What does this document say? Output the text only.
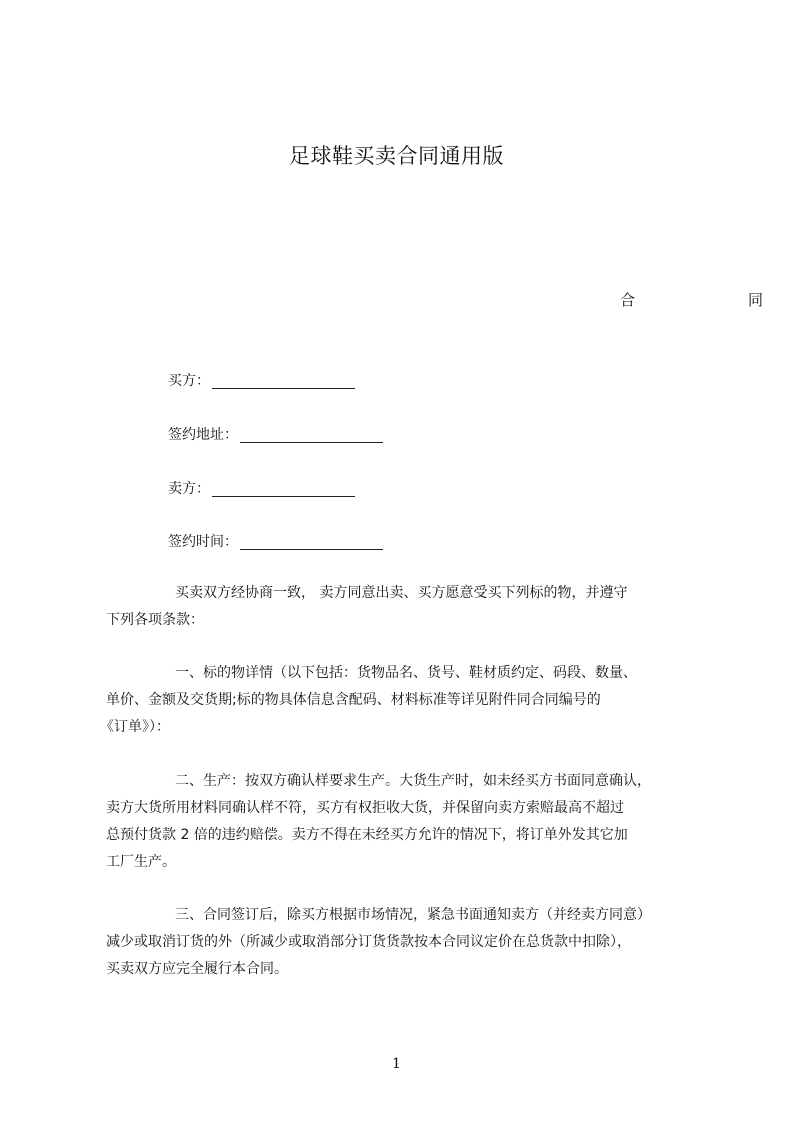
足球鞋买卖合同通用版
合	同
买方：
签约地址：
卖方：
签约时间：
买卖双方经协商一致， 卖方同意出卖、买方愿意受买下列标的物，并遵守
下列各项条款：
一、标的物详情（以下包括：货物品名、货号、鞋材质约定、码段、数量、
单价、金额及交货期;标的物具体信息含配码、材料标准等详见附件同合同编号的
《订单》）：
二、生产：按双方确认样要求生产。大货生产时，如未经买方书面同意确认，
卖方大货所用材料同确认样不符，买方有权拒收大货，并保留向卖方索赔最高不超过
总预付货款 2 倍的违约赔偿。卖方不得在未经买方允许的情况下，将订单外发其它加
工厂生产。
三、合同签订后，除买方根据市场情况，紧急书面通知卖方（并经卖方同意）
减少或取消订货的外（所减少或取消部分订货货款按本合同议定价在总货款中扣除），
买卖双方应完全履行本合同。
1
